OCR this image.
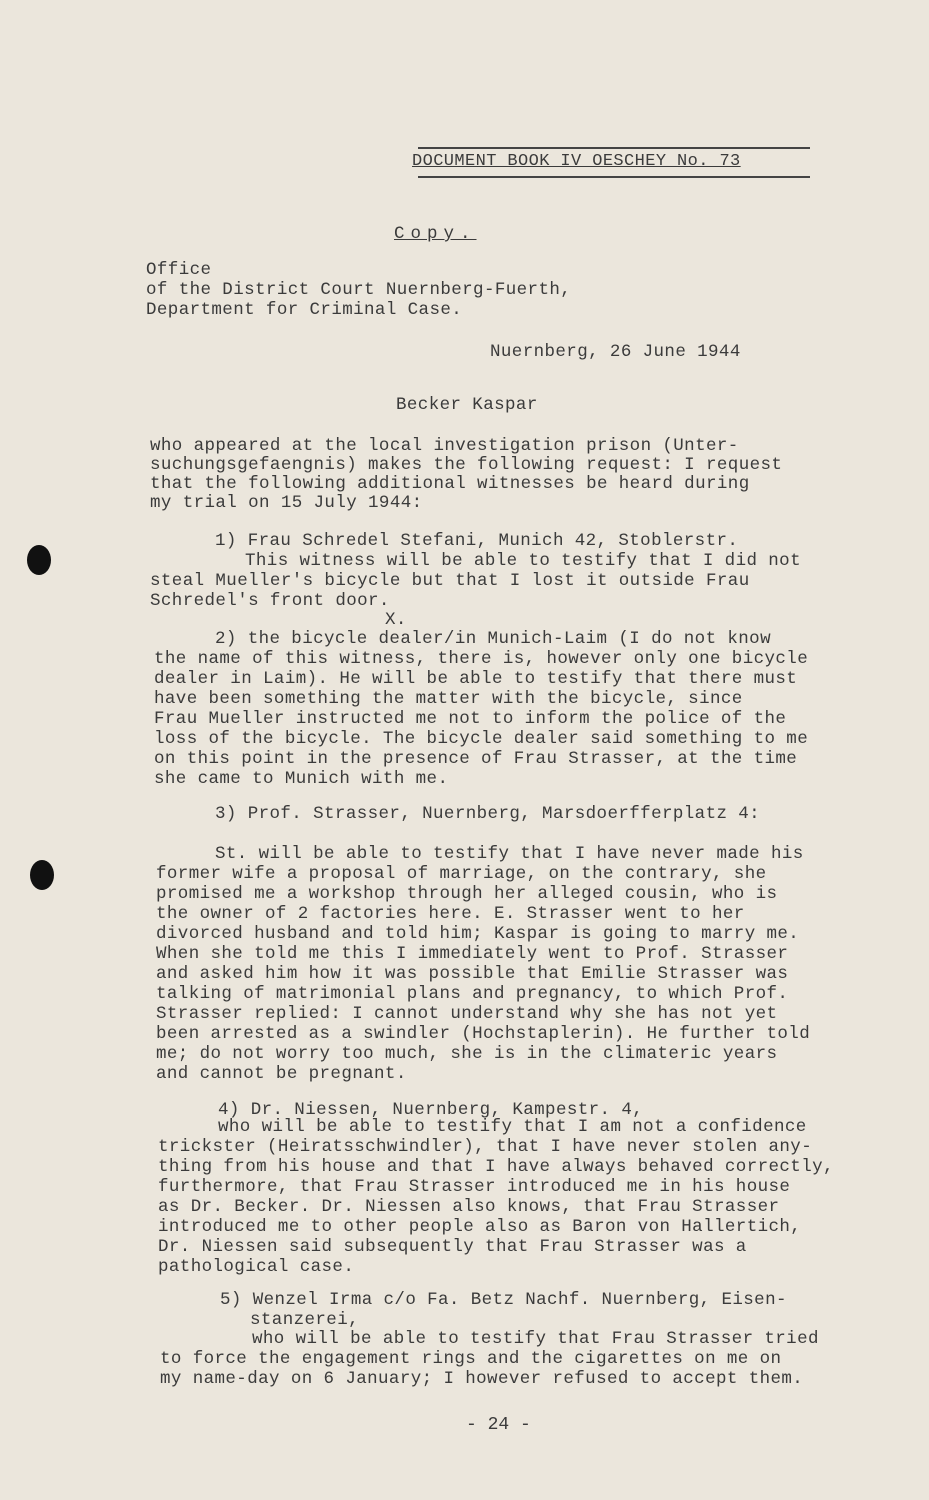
DOCUMENT BOOK IV OESCHEY No. 73
Copy.
Office
of the District Court Nuernberg-Fuerth,
Department for Criminal Case.
Nuernberg, 26 June 1944
Becker Kaspar
who appeared at the local investigation prison (Unter-
suchungsgefaengnis) makes the following request: I request
that the following additional witnesses be heard during
my trial on 15 July 1944:
1) Frau Schredel Stefani, Munich 42, Stoblerstr.
This witness will be able to testify that I did not
steal Mueller's bicycle but that I lost it outside Frau
Schredel's front door.
X.
2) the bicycle dealer/in Munich-Laim (I do not know
the name of this witness, there is, however only one bicycle
dealer in Laim). He will be able to testify that there must
have been something the matter with the bicycle, since
Frau Mueller instructed me not to inform the police of the
loss of the bicycle. The bicycle dealer said something to me
on this point in the presence of Frau Strasser, at the time
she came to Munich with me.
3) Prof. Strasser, Nuernberg, Marsdoerfferplatz 4:
St. will be able to testify that I have never made his
former wife a proposal of marriage, on the contrary, she
promised me a workshop through her alleged cousin, who is
the owner of 2 factories here. E. Strasser went to her
divorced husband and told him; Kaspar is going to marry me.
When she told me this I immediately went to Prof. Strasser
and asked him how it was possible that Emilie Strasser was
talking of matrimonial plans and pregnancy, to which Prof.
Strasser replied: I cannot understand why she has not yet
been arrested as a swindler (Hochstaplerin). He further told
me; do not worry too much, she is in the climateric years
and cannot be pregnant.
4) Dr. Niessen, Nuernberg, Kampestr. 4,
who will be able to testify that I am not a confidence
trickster (Heiratsschwindler), that I have never stolen any-
thing from his house and that I have always behaved correctly,
furthermore, that Frau Strasser introduced me in his house
as Dr. Becker. Dr. Niessen also knows, that Frau Strasser
introduced me to other people also as Baron von Hallertich,
Dr. Niessen said subsequently that Frau Strasser was a
pathological case.
5) Wenzel Irma c/o Fa. Betz Nachf. Nuernberg, Eisen-
stanzerei,
who will be able to testify that Frau Strasser tried
to force the engagement rings and the cigarettes on me on
my name-day on 6 January; I however refused to accept them.
- 24 -
